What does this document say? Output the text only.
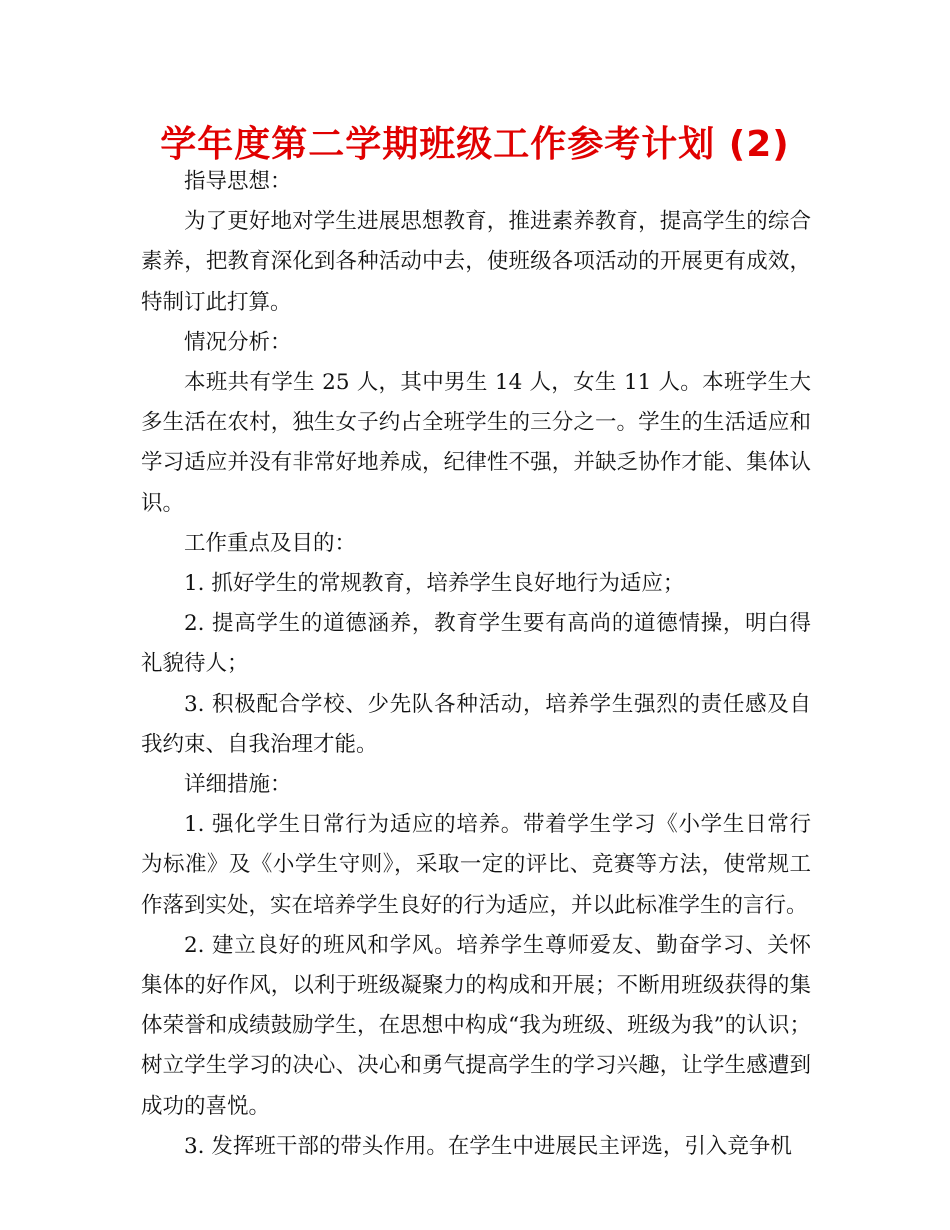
学年度第二学期班级工作参考计划 (2)

指导思想：

为了更好地对学生进展思想教育，推进素养教育，提高学生的综合素养，把教育深化到各种活动中去，使班级各项活动的开展更有成效，特制订此打算。

情况分析：

本班共有学生 25 人，其中男生 14 人，女生 11 人。本班学生大多生活在农村，独生女子约占全班学生的三分之一。学生的生活适应和学习适应并没有非常好地养成，纪律性不强，并缺乏协作才能、集体认识。

工作重点及目的：

1. 抓好学生的常规教育，培养学生良好地行为适应；

2. 提高学生的道德涵养，教育学生要有高尚的道德情操，明白得礼貌待人；

3. 积极配合学校、少先队各种活动，培养学生强烈的责任感及自我约束、自我治理才能。

详细措施：

1. 强化学生日常行为适应的培养。带着学生学习《小学生日常行为标准》及《小学生守则》，采取一定的评比、竞赛等方法，使常规工作落到实处，实在培养学生良好的行为适应，并以此标准学生的言行。

2. 建立良好的班风和学风。培养学生尊师爱友、勤奋学习、关怀集体的好作风，以利于班级凝聚力的构成和开展；不断用班级获得的集体荣誉和成绩鼓励学生，在思想中构成“我为班级、班级为我”的认识；树立学生学习的决心、决心和勇气提高学生的学习兴趣，让学生感遭到成功的喜悦。

3. 发挥班干部的带头作用。在学生中进展民主评选，引入竞争机
